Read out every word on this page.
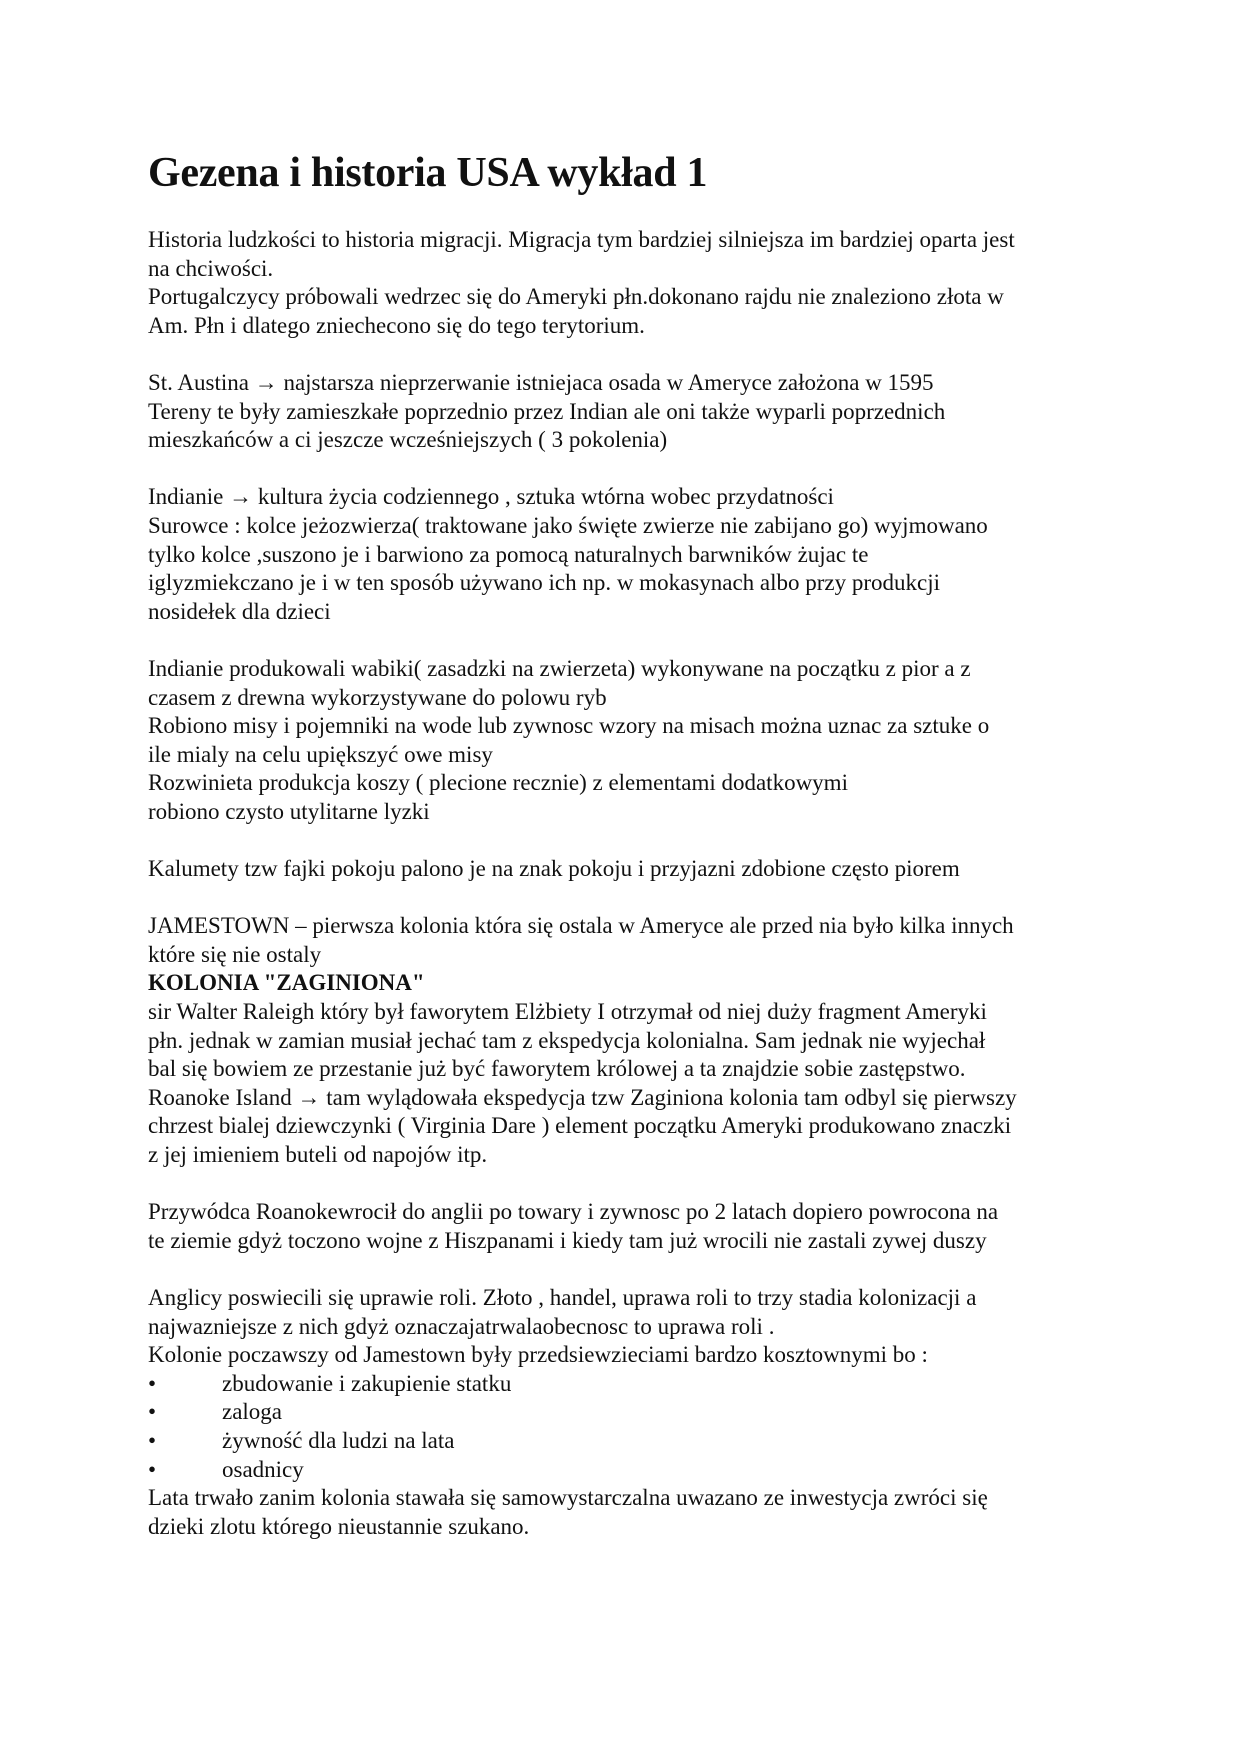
Gezena i historia USA wykład 1

Historia ludzkości to historia migracji. Migracja tym bardziej silniejsza im bardziej oparta jest

na chciwości.

Portugalczycy próbowali wedrzec się do Ameryki płn.dokonano rajdu nie znaleziono złota w

Am. Płn i dlatego zniechecono się do tego terytorium.

St. Austina → najstarsza nieprzerwanie istniejaca osada w Ameryce założona w 1595

Tereny te były zamieszkałe poprzednio przez Indian ale oni także wyparli poprzednich

mieszkańców a ci jeszcze wcześniejszych ( 3 pokolenia)

Indianie → kultura życia codziennego , sztuka wtórna wobec przydatności

Surowce : kolce jeżozwierza( traktowane jako święte zwierze nie zabijano go) wyjmowano

tylko kolce ,suszono je i barwiono za pomocą naturalnych barwników żujac te

iglyzmiekczano je i w ten sposób używano ich np. w mokasynach albo przy produkcji

nosidełek dla dzieci

Indianie produkowali wabiki( zasadzki na zwierzeta) wykonywane na początku z pior a z

czasem z drewna wykorzystywane do polowu ryb

Robiono misy i pojemniki na wode lub zywnosc wzory na misach można uznac za sztuke o

ile mialy na celu upiększyć owe misy

Rozwinieta produkcja koszy ( plecione recznie) z elementami dodatkowymi

robiono czysto utylitarne lyzki

Kalumety tzw fajki pokoju palono je na znak pokoju i przyjazni zdobione często piorem

JAMESTOWN – pierwsza kolonia która się ostala w Ameryce ale przed nia było kilka innych

które się nie ostaly

KOLONIA "ZAGINIONA"

sir Walter Raleigh który był faworytem Elżbiety I otrzymał od niej duży fragment Ameryki

płn. jednak w zamian musiał jechać tam z ekspedycja kolonialna. Sam jednak nie wyjechał

bal się bowiem ze przestanie już być faworytem królowej a ta znajdzie sobie zastępstwo.

Roanoke Island → tam wylądowała ekspedycja tzw Zaginiona kolonia tam odbyl się pierwszy

chrzest bialej dziewczynki ( Virginia Dare ) element początku Ameryki produkowano znaczki

z jej imieniem buteli od napojów itp.

Przywódca Roanokewrocił do anglii po towary i zywnosc po 2 latach dopiero powrocona na

te ziemie gdyż toczono wojne z Hiszpanami i kiedy tam już wrocili nie zastali zywej duszy

Anglicy poswiecili się uprawie roli. Złoto , handel, uprawa roli to trzy stadia kolonizacji a

najwazniejsze z nich gdyż oznaczajatrwalaobecnosc to uprawa roli .

Kolonie poczawszy od Jamestown były przedsiewzieciami bardzo kosztownymi bo :

•	zbudowanie i zakupienie statku
•	zaloga
•	żywność dla ludzi na lata
•	osadnicy

Lata trwało zanim kolonia stawała się samowystarczalna uwazano ze inwestycja zwróci się

dzieki zlotu którego nieustannie szukano.
